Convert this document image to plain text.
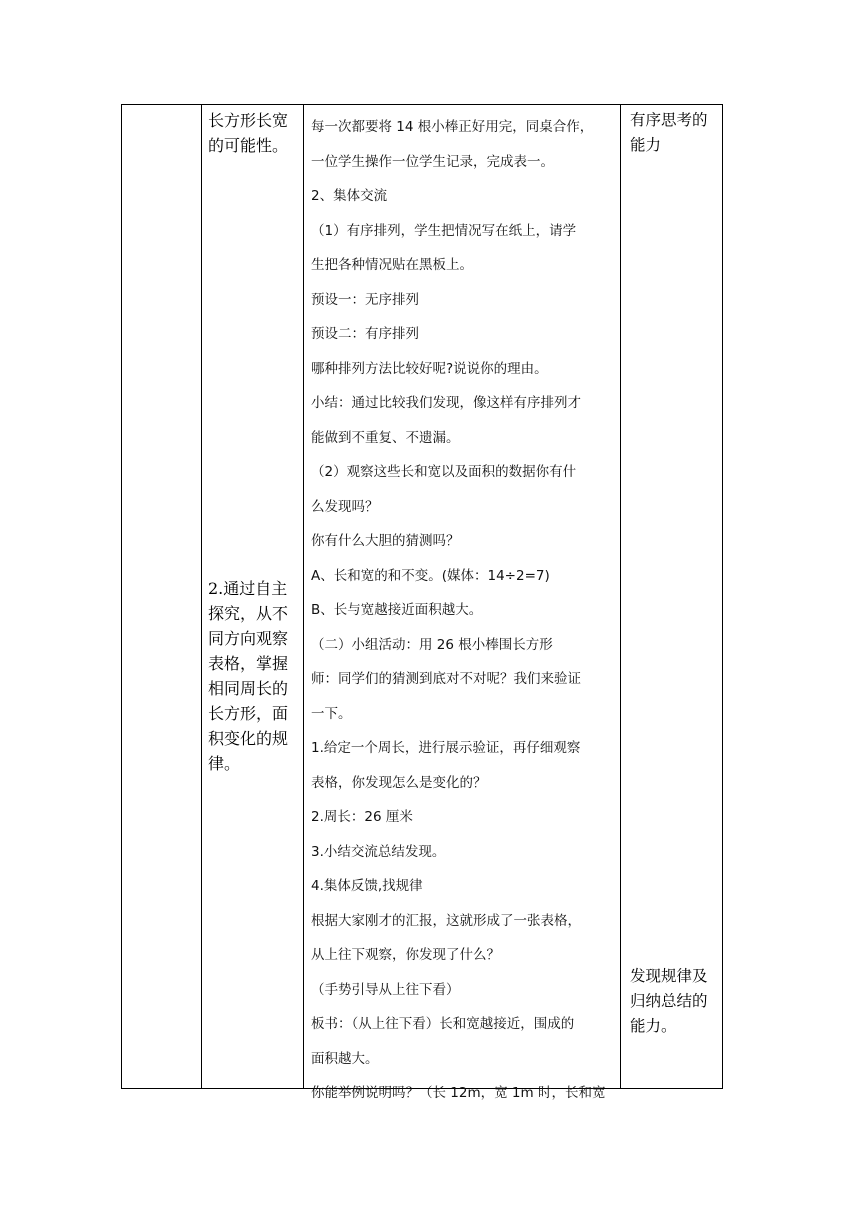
长方形长宽

的可能性。

2.通过自主

探究，从不

同方向观察

表格，掌握

相同周长的

长方形，面

积变化的规

律。

每一次都要将 14 根小棒正好用完，同桌合作，

一位学生操作一位学生记录，完成表一。

2、集体交流

（1）有序排列，学生把情况写在纸上，请学

生把各种情况贴在黑板上。

预设一：无序排列

预设二：有序排列

哪种排列方法比较好呢?说说你的理由。

小结：通过比较我们发现，像这样有序排列才

能做到不重复、不遗漏。

（2）观察这些长和宽以及面积的数据你有什

么发现吗？

你有什么大胆的猜测吗？

A、长和宽的和不变。(媒体：14÷2=7)

B、长与宽越接近面积越大。

（二）小组活动：用 26 根小棒围长方形

师：同学们的猜测到底对不对呢？我们来验证

一下。

1.给定一个周长，进行展示验证，再仔细观察

表格，你发现怎么是变化的？

2.周长：26 厘米

3.小结交流总结发现。

4.集体反馈,找规律

根据大家刚才的汇报，这就形成了一张表格，

从上往下观察，你发现了什么？

（手势引导从上往下看）

板书：（从上往下看）长和宽越接近，围成的

面积越大。

你能举例说明吗？（长 12m，宽 1m 时，长和宽

有序思考的

能力

发现规律及

归纳总结的

能力。
